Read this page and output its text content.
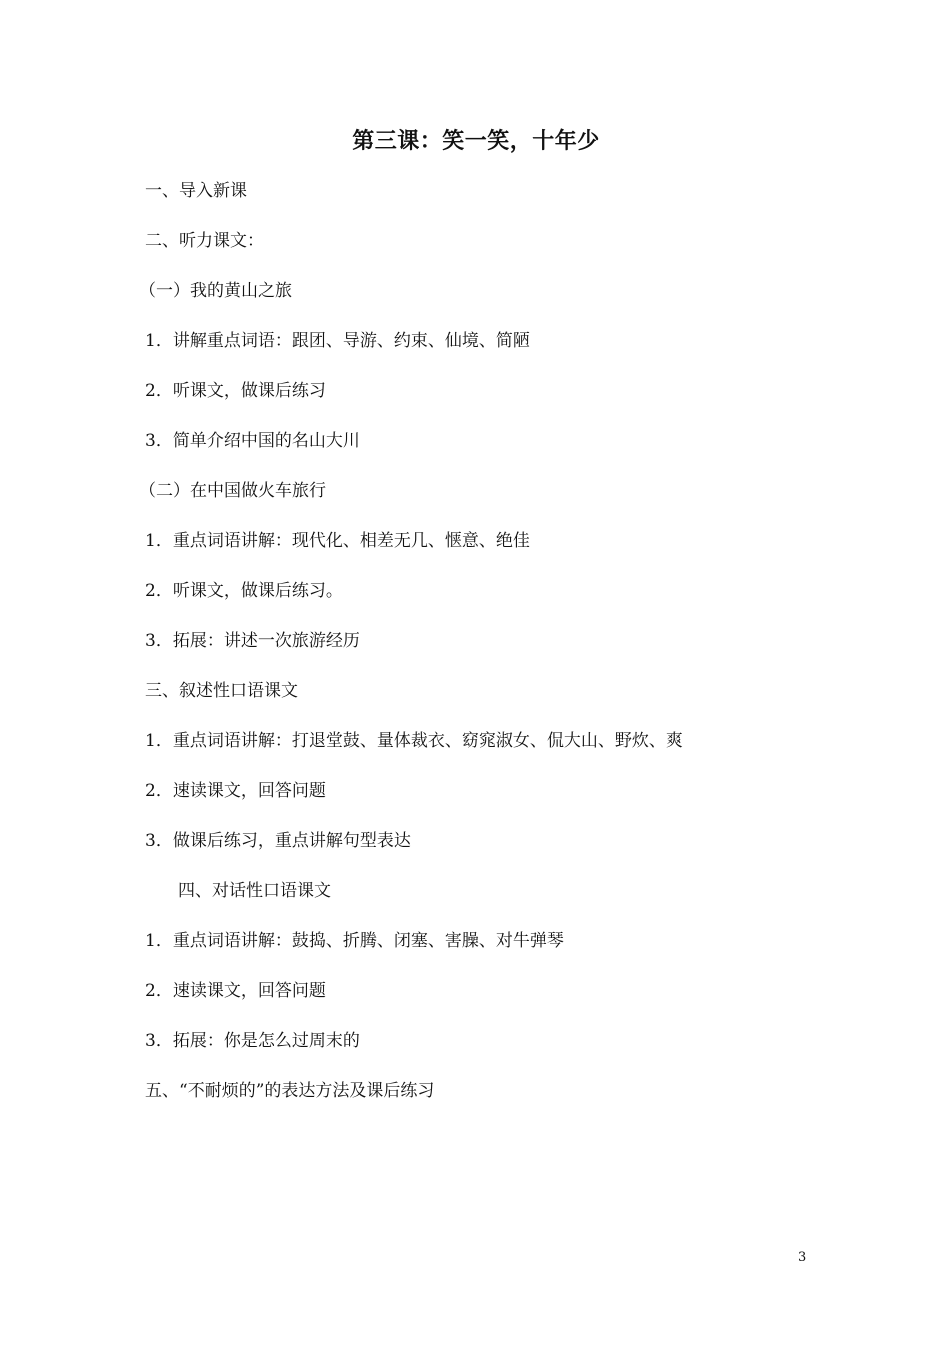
第三课：笑一笑，十年少
一、导入新课
二、听力课文：
（一）我的黄山之旅
1．讲解重点词语：跟团、导游、约束、仙境、简陋
2．听课文，做课后练习
3．简单介绍中国的名山大川
（二）在中国做火车旅行
1．重点词语讲解：现代化、相差无几、惬意、绝佳
2．听课文，做课后练习。
3．拓展：讲述一次旅游经历
三、叙述性口语课文
1．重点词语讲解：打退堂鼓、量体裁衣、窈窕淑女、侃大山、野炊、爽
2．速读课文，回答问题
3．做课后练习，重点讲解句型表达
四、对话性口语课文
1．重点词语讲解：鼓捣、折腾、闭塞、害臊、对牛弹琴
2．速读课文，回答问题
3．拓展：你是怎么过周末的
五、“不耐烦的”的表达方法及课后练习
3
